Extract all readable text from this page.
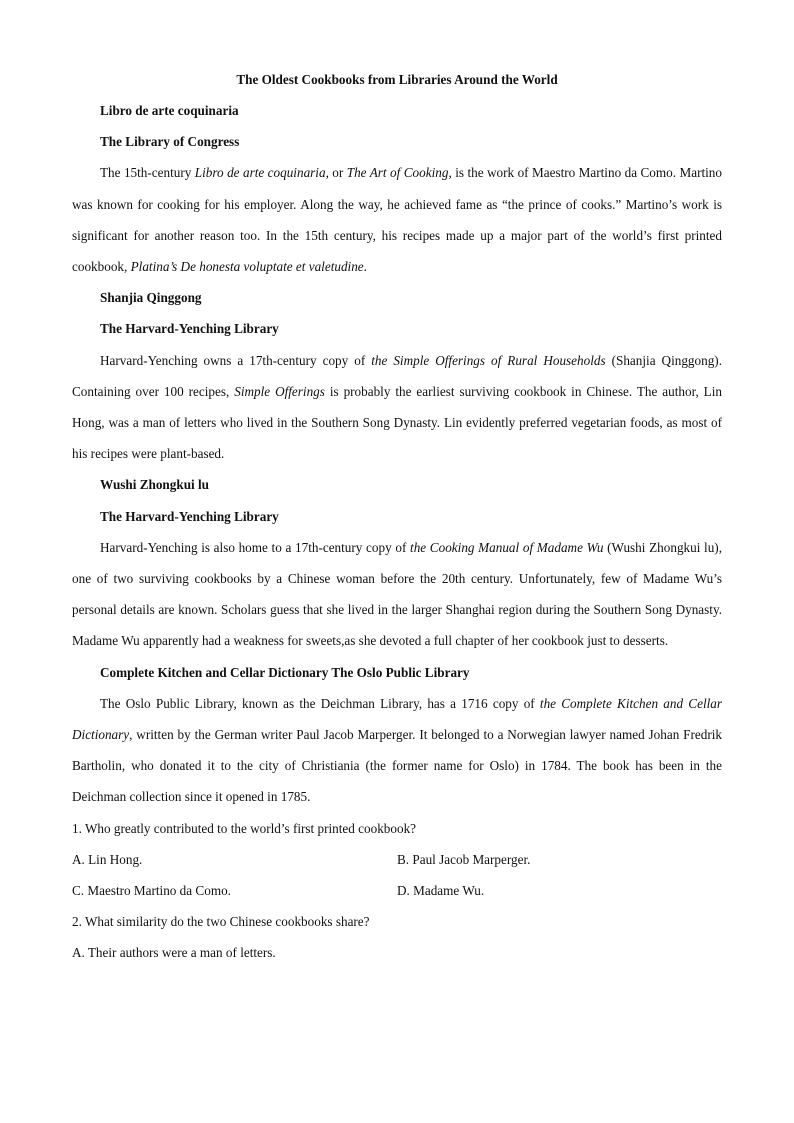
The Oldest Cookbooks from Libraries Around the World

Libro de arte coquinaria

The Library of Congress

The 15th-century Libro de arte coquinaria, or The Art of Cooking, is the work of Maestro Martino da Como. Martino was known for cooking for his employer. Along the way, he achieved fame as “the prince of cooks.” Martino’s work is significant for another reason too. In the 15th century, his recipes made up a major part of the world’s first printed cookbook, Platina’s De honesta voluptate et valetudine.

Shanjia Qinggong

The Harvard-Yenching Library

Harvard-Yenching owns a 17th-century copy of the Simple Offerings of Rural Households (Shanjia Qinggong). Containing over 100 recipes, Simple Offerings is probably the earliest surviving cookbook in Chinese. The author, Lin Hong, was a man of letters who lived in the Southern Song Dynasty. Lin evidently preferred vegetarian foods, as most of his recipes were plant-based.

Wushi Zhongkui lu

The Harvard-Yenching Library

Harvard-Yenching is also home to a 17th-century copy of the Cooking Manual of Madame Wu (Wushi Zhongkui lu), one of two surviving cookbooks by a Chinese woman before the 20th century. Unfortunately, few of Madame Wu’s personal details are known. Scholars guess that she lived in the larger Shanghai region during the Southern Song Dynasty. Madame Wu apparently had a weakness for sweets,as she devoted a full chapter of her cookbook just to desserts.

Complete Kitchen and Cellar Dictionary The Oslo Public Library

The Oslo Public Library, known as the Deichman Library, has a 1716 copy of the Complete Kitchen and Cellar Dictionary, written by the German writer Paul Jacob Marperger. It belonged to a Norwegian lawyer named Johan Fredrik Bartholin, who donated it to the city of Christiania (the former name for Oslo) in 1784. The book has been in the Deichman collection since it opened in 1785.

1. Who greatly contributed to the world’s first printed cookbook?

A. Lin Hong.	B. Paul Jacob Marperger.
C. Maestro Martino da Como.	D. Madame Wu.

2. What similarity do the two Chinese cookbooks share?

A. Their authors were a man of letters.
